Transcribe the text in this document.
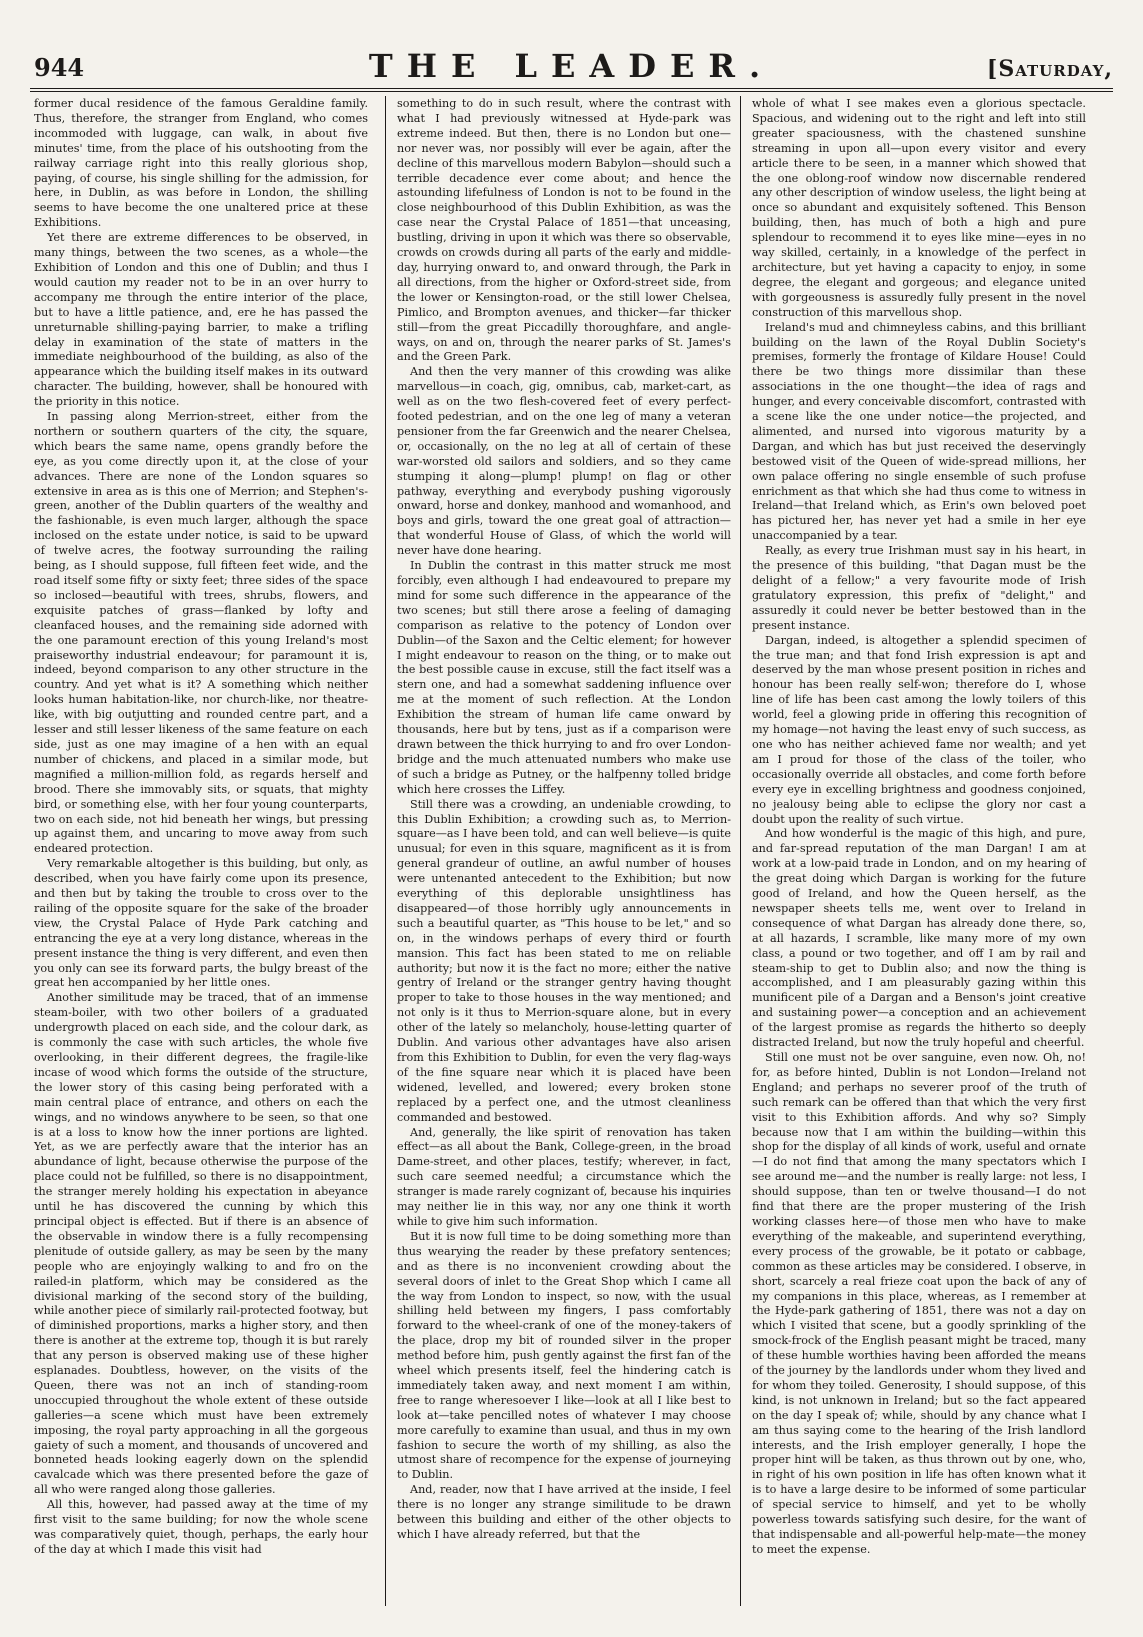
944	THE LEADER.	[Saturday,

former ducal residence of the famous Geraldine family. Thus, therefore, the stranger from England, who comes incommoded with luggage, can walk, in about five minutes' time, from the place of his outshooting from the railway carriage right into this really glorious shop, paying, of course, his single shilling for the admission, for here, in Dublin, as was before in London, the shilling seems to have become the one unaltered price at these Exhibitions.

Yet there are extreme differences to be observed, in many things, between the two scenes, as a whole—the Exhibition of London and this one of Dublin; and thus I would caution my reader not to be in an over hurry to accompany me through the entire interior of the place, but to have a little patience, and, ere he has passed the unreturnable shilling-paying barrier, to make a trifling delay in examination of the state of matters in the immediate neighbourhood of the building, as also of the appearance which the building itself makes in its outward character. The building, however, shall be honoured with the priority in this notice.

In passing along Merrion-street, either from the northern or southern quarters of the city, the square, which bears the same name, opens grandly before the eye, as you come directly upon it, at the close of your advances. There are none of the London squares so extensive in area as is this one of Merrion; and Stephen's-green, another of the Dublin quarters of the wealthy and the fashionable, is even much larger, although the space inclosed on the estate under notice, is said to be upward of twelve acres, the footway surrounding the railing being, as I should suppose, full fifteen feet wide, and the road itself some fifty or sixty feet; three sides of the space so inclosed—beautiful with trees, shrubs, flowers, and exquisite patches of grass—flanked by lofty and cleanfaced houses, and the remaining side adorned with the one paramount erection of this young Ireland's most praiseworthy industrial endeavour; for paramount it is, indeed, beyond comparison to any other structure in the country. And yet what is it? A something which neither looks human habitation-like, nor church-like, nor theatre-like, with big outjutting and rounded centre part, and a lesser and still lesser likeness of the same feature on each side, just as one may imagine of a hen with an equal number of chickens, and placed in a similar mode, but magnified a million-million fold, as regards herself and brood. There she immovably sits, or squats, that mighty bird, or something else, with her four young counterparts, two on each side, not hid beneath her wings, but pressing up against them, and uncaring to move away from such endeared protection.

Very remarkable altogether is this building, but only, as described, when you have fairly come upon its presence, and then but by taking the trouble to cross over to the railing of the opposite square for the sake of the broader view, the Crystal Palace of Hyde Park catching and entrancing the eye at a very long distance, whereas in the present instance the thing is very different, and even then you only can see its forward parts, the bulgy breast of the great hen accompanied by her little ones.

Another similitude may be traced, that of an immense steam-boiler, with two other boilers of a graduated undergrowth placed on each side, and the colour dark, as is commonly the case with such articles, the whole five overlooking, in their different degrees, the fragile-like incase of wood which forms the outside of the structure, the lower story of this casing being perforated with a main central place of entrance, and others on each the wings, and no windows anywhere to be seen, so that one is at a loss to know how the inner portions are lighted. Yet, as we are perfectly aware that the interior has an abundance of light, because otherwise the purpose of the place could not be fulfilled, so there is no disappointment, the stranger merely holding his expectation in abeyance until he has discovered the cunning by which this principal object is effected. But if there is an absence of the observable in window there is a fully recompensing plenitude of outside gallery, as may be seen by the many people who are enjoyingly walking to and fro on the railed-in platform, which may be considered as the divisional marking of the second story of the building, while another piece of similarly rail-protected footway, but of diminished proportions, marks a higher story, and then there is another at the extreme top, though it is but rarely that any person is observed making use of these higher esplanades. Doubtless, however, on the visits of the Queen, there was not an inch of standing-room unoccupied throughout the whole extent of these outside galleries—a scene which must have been extremely imposing, the royal party approaching in all the gorgeous gaiety of such a moment, and thousands of uncovered and bonneted heads looking eagerly down on the splendid cavalcade which was there presented before the gaze of all who were ranged along those galleries.

All this, however, had passed away at the time of my first visit to the same building; for now the whole scene was comparatively quiet, though, perhaps, the early hour of the day at which I made this visit had

something to do in such result, where the contrast with what I had previously witnessed at Hyde-park was extreme indeed. But then, there is no London but one—nor never was, nor possibly will ever be again, after the decline of this marvellous modern Babylon—should such a terrible decadence ever come about; and hence the astounding lifefulness of London is not to be found in the close neighbourhood of this Dublin Exhibition, as was the case near the Crystal Palace of 1851—that unceasing, bustling, driving in upon it which was there so observable, crowds on crowds during all parts of the early and middle-day, hurrying onward to, and onward through, the Park in all directions, from the higher or Oxford-street side, from the lower or Kensington-road, or the still lower Chelsea, Pimlico, and Brompton avenues, and thicker—far thicker still—from the great Piccadilly thoroughfare, and angle-ways, on and on, through the nearer parks of St. James's and the Green Park.

And then the very manner of this crowding was alike marvellous—in coach, gig, omnibus, cab, market-cart, as well as on the two flesh-covered feet of every perfect-footed pedestrian, and on the one leg of many a veteran pensioner from the far Greenwich and the nearer Chelsea, or, occasionally, on the no leg at all of certain of these war-worsted old sailors and soldiers, and so they came stumping it along—plump! plump! on flag or other pathway, everything and everybody pushing vigorously onward, horse and donkey, manhood and womanhood, and boys and girls, toward the one great goal of attraction—that wonderful House of Glass, of which the world will never have done hearing.

In Dublin the contrast in this matter struck me most forcibly, even although I had endeavoured to prepare my mind for some such difference in the appearance of the two scenes; but still there arose a feeling of damaging comparison as relative to the potency of London over Dublin—of the Saxon and the Celtic element; for however I might endeavour to reason on the thing, or to make out the best possible cause in excuse, still the fact itself was a stern one, and had a somewhat saddening influence over me at the moment of such reflection. At the London Exhibition the stream of human life came onward by thousands, here but by tens, just as if a comparison were drawn between the thick hurrying to and fro over London-bridge and the much attenuated numbers who make use of such a bridge as Putney, or the halfpenny tolled bridge which here crosses the Liffey.

Still there was a crowding, an undeniable crowding, to this Dublin Exhibition; a crowding such as, to Merrion-square—as I have been told, and can well believe—is quite unusual; for even in this square, magnificent as it is from general grandeur of outline, an awful number of houses were untenanted antecedent to the Exhibition; but now everything of this deplorable unsightliness has disappeared—of those horribly ugly announcements in such a beautiful quarter, as "This house to be let," and so on, in the windows perhaps of every third or fourth mansion. This fact has been stated to me on reliable authority; but now it is the fact no more; either the native gentry of Ireland or the stranger gentry having thought proper to take to those houses in the way mentioned; and not only is it thus to Merrion-square alone, but in every other of the lately so melancholy, house-letting quarter of Dublin. And various other advantages have also arisen from this Exhibition to Dublin, for even the very flag-ways of the fine square near which it is placed have been widened, levelled, and lowered; every broken stone replaced by a perfect one, and the utmost cleanliness commanded and bestowed.

And, generally, the like spirit of renovation has taken effect—as all about the Bank, College-green, in the broad Dame-street, and other places, testify; wherever, in fact, such care seemed needful; a circumstance which the stranger is made rarely cognizant of, because his inquiries may neither lie in this way, nor any one think it worth while to give him such information.

But it is now full time to be doing something more than thus wearying the reader by these prefatory sentences; and as there is no inconvenient crowding about the several doors of inlet to the Great Shop which I came all the way from London to inspect, so now, with the usual shilling held between my fingers, I pass comfortably forward to the wheel-crank of one of the money-takers of the place, drop my bit of rounded silver in the proper method before him, push gently against the first fan of the wheel which presents itself, feel the hindering catch is immediately taken away, and next moment I am within, free to range wheresoever I like—look at all I like best to look at—take pencilled notes of whatever I may choose more carefully to examine than usual, and thus in my own fashion to secure the worth of my shilling, as also the utmost share of recompence for the expense of journeying to Dublin.

And, reader, now that I have arrived at the inside, I feel there is no longer any strange similitude to be drawn between this building and either of the other objects to which I have already referred, but that the

whole of what I see makes even a glorious spectacle. Spacious, and widening out to the right and left into still greater spaciousness, with the chastened sunshine streaming in upon all—upon every visitor and every article there to be seen, in a manner which showed that the one oblong-roof window now discernable rendered any other description of window useless, the light being at once so abundant and exquisitely softened. This Benson building, then, has much of both a high and pure splendour to recommend it to eyes like mine—eyes in no way skilled, certainly, in a knowledge of the perfect in architecture, but yet having a capacity to enjoy, in some degree, the elegant and gorgeous; and elegance united with gorgeousness is assuredly fully present in the novel construction of this marvellous shop.

Ireland's mud and chimneyless cabins, and this brilliant building on the lawn of the Royal Dublin Society's premises, formerly the frontage of Kildare House! Could there be two things more dissimilar than these associations in the one thought—the idea of rags and hunger, and every conceivable discomfort, contrasted with a scene like the one under notice—the projected, and alimented, and nursed into vigorous maturity by a Dargan, and which has but just received the deservingly bestowed visit of the Queen of wide-spread millions, her own palace offering no single ensemble of such profuse enrichment as that which she had thus come to witness in Ireland—that Ireland which, as Erin's own beloved poet has pictured her, has never yet had a smile in her eye unaccompanied by a tear.

Really, as every true Irishman must say in his heart, in the presence of this building, "that Dagan must be the delight of a fellow;" a very favourite mode of Irish gratulatory expression, this prefix of "delight," and assuredly it could never be better bestowed than in the present instance.

Dargan, indeed, is altogether a splendid specimen of the true man; and that fond Irish expression is apt and deserved by the man whose present position in riches and honour has been really self-won; therefore do I, whose line of life has been cast among the lowly toilers of this world, feel a glowing pride in offering this recognition of my homage—not having the least envy of such success, as one who has neither achieved fame nor wealth; and yet am I proud for those of the class of the toiler, who occasionally override all obstacles, and come forth before every eye in excelling brightness and goodness conjoined, no jealousy being able to eclipse the glory nor cast a doubt upon the reality of such virtue.

And how wonderful is the magic of this high, and pure, and far-spread reputation of the man Dargan! I am at work at a low-paid trade in London, and on my hearing of the great doing which Dargan is working for the future good of Ireland, and how the Queen herself, as the newspaper sheets tells me, went over to Ireland in consequence of what Dargan has already done there, so, at all hazards, I scramble, like many more of my own class, a pound or two together, and off I am by rail and steam-ship to get to Dublin also; and now the thing is accomplished, and I am pleasurably gazing within this munificent pile of a Dargan and a Benson's joint creative and sustaining power—a conception and an achievement of the largest promise as regards the hitherto so deeply distracted Ireland, but now the truly hopeful and cheerful.

Still one must not be over sanguine, even now. Oh, no! for, as before hinted, Dublin is not London—Ireland not England; and perhaps no severer proof of the truth of such remark can be offered than that which the very first visit to this Exhibition affords. And why so? Simply because now that I am within the building—within this shop for the display of all kinds of work, useful and ornate—I do not find that among the many spectators which I see around me—and the number is really large: not less, I should suppose, than ten or twelve thousand—I do not find that there are the proper mustering of the Irish working classes here—of those men who have to make everything of the makeable, and superintend everything, every process of the growable, be it potato or cabbage, common as these articles may be considered. I observe, in short, scarcely a real frieze coat upon the back of any of my companions in this place, whereas, as I remember at the Hyde-park gathering of 1851, there was not a day on which I visited that scene, but a goodly sprinkling of the smock-frock of the English peasant might be traced, many of these humble worthies having been afforded the means of the journey by the landlords under whom they lived and for whom they toiled. Generosity, I should suppose, of this kind, is not unknown in Ireland; but so the fact appeared on the day I speak of; while, should by any chance what I am thus saying come to the hearing of the Irish landlord interests, and the Irish employer generally, I hope the proper hint will be taken, as thus thrown out by one, who, in right of his own position in life has often known what it is to have a large desire to be informed of some particular of special service to himself, and yet to be wholly powerless towards satisfying such desire, for the want of that indispensable and all-powerful help-mate—the money to meet the expense.
